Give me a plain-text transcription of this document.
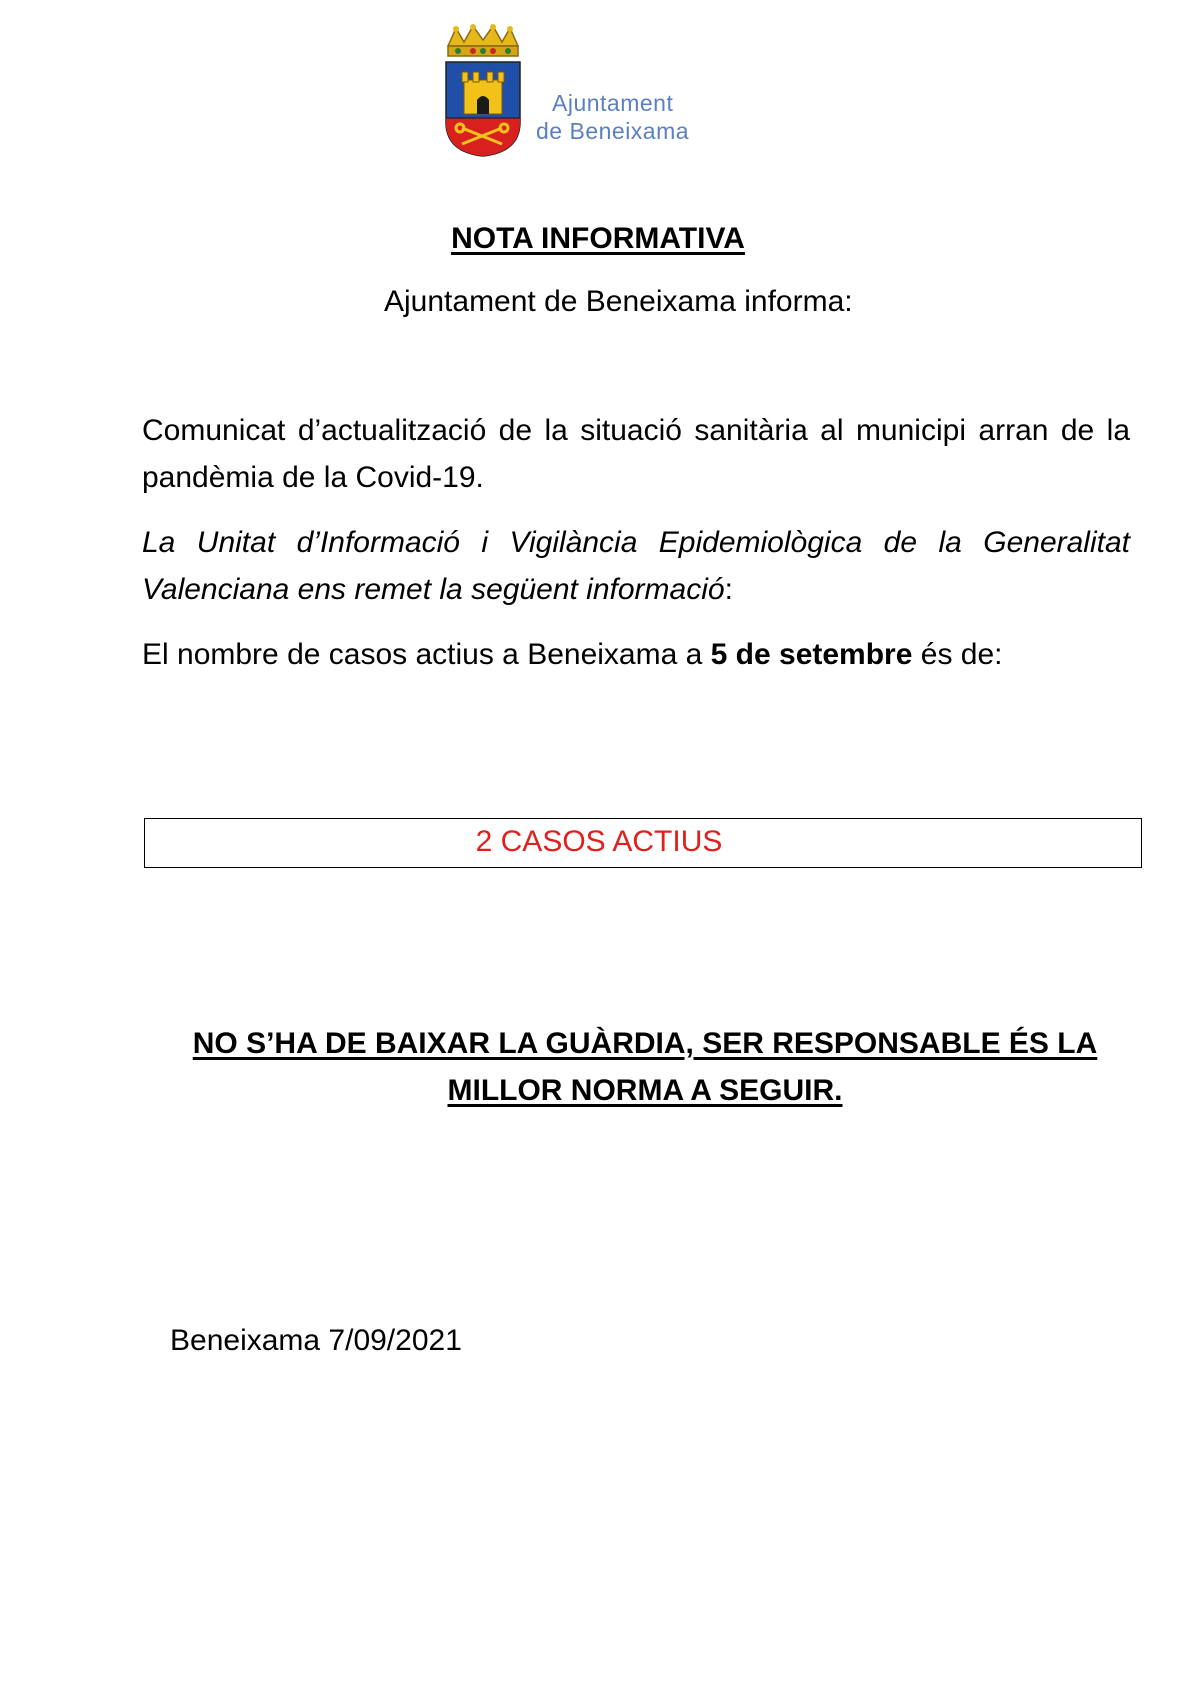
Ajuntament
de Beneixama
NOTA INFORMATIVA
Ajuntament de Beneixama informa:
Comunicat d’actualització de la situació sanitària al municipi arran de la pandèmia de la Covid-19.
La Unitat d’Informació i Vigilància Epidemiològica de la Generalitat Valenciana ens remet la següent informació:
El nombre de casos actius a Beneixama a 5 de setembre és de:
2 CASOS ACTIUS
NO S’HA DE BAIXAR LA GUÀRDIA, SER RESPONSABLE ÉS LA
MILLOR NORMA A SEGUIR.
Beneixama 7/09/2021
